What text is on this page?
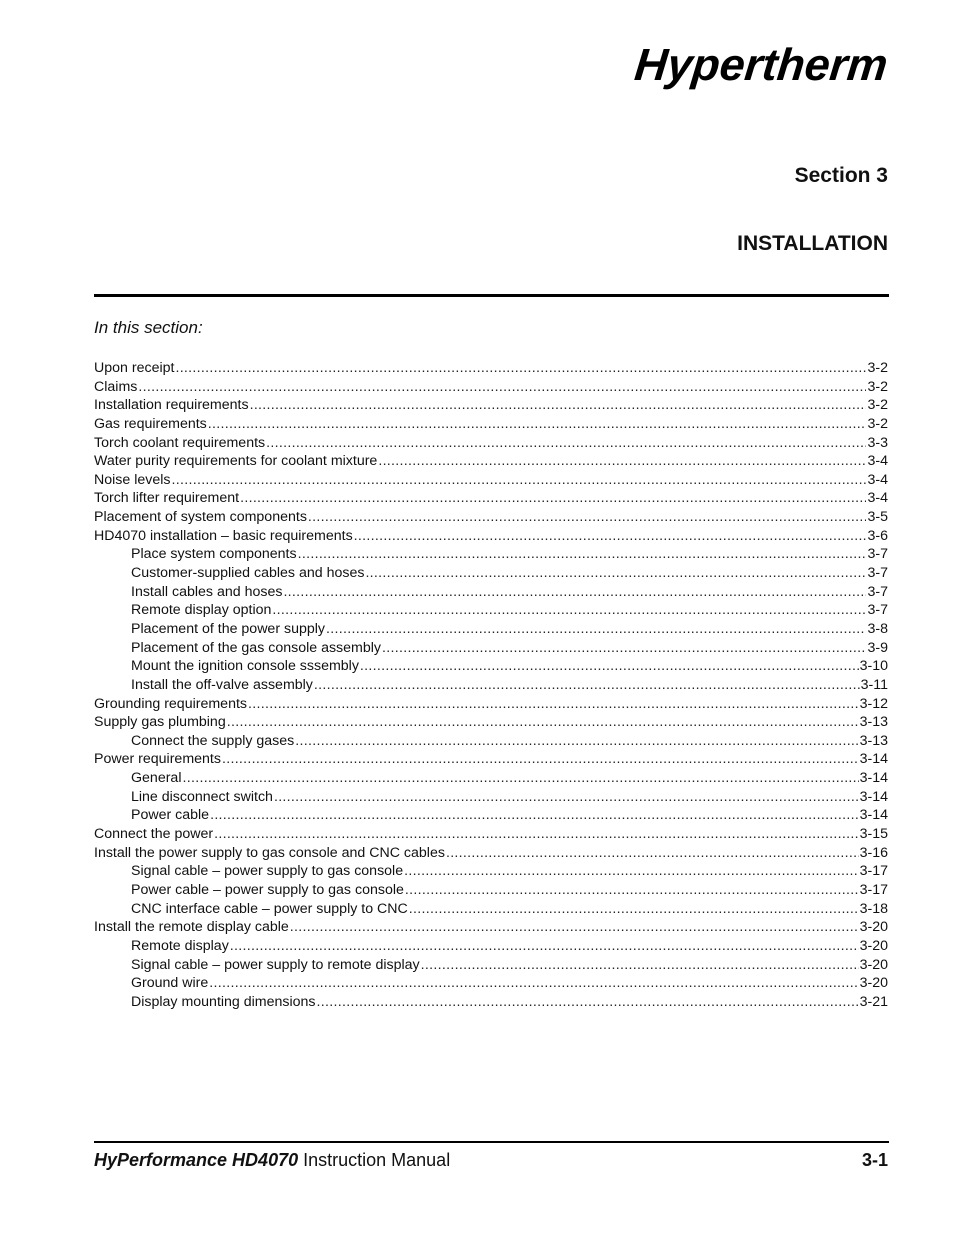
Hypertherm
Section 3
INSTALLATION
In this section:
Upon receipt .....	3-2
Claims .....	3-2
Installation requirements .....	3-2
Gas requirements .....	3-2
Torch coolant requirements .....	3-3
Water purity requirements for coolant mixture .....	3-4
Noise levels .....	3-4
Torch lifter requirement .....	3-4
Placement of system components .....	3-5
HD4070 installation – basic requirements .....	3-6
Place system components .....	3-7
Customer-supplied cables and hoses .....	3-7
Install cables and hoses .....	3-7
Remote display option .....	3-7
Placement of the power supply .....	3-8
Placement of the gas console assembly .....	3-9
Mount the ignition console sssembly .....	3-10
Install the off-valve assembly .....	3-11
Grounding requirements .....	3-12
Supply gas plumbing .....	3-13
Connect the supply gases .....	3-13
Power requirements .....	3-14
General .....	3-14
Line disconnect switch .....	3-14
Power cable .....	3-14
Connect the power .....	3-15
Install the power supply to gas console and CNC cables .....	3-16
Signal cable – power supply to gas console .....	3-17
Power cable – power supply to gas console .....	3-17
CNC interface cable – power supply to CNC .....	3-18
Install the remote display cable .....	3-20
Remote display .....	3-20
Signal cable – power supply to remote display .....	3-20
Ground wire .....	3-20
Display mounting dimensions .....	3-21
HyPerformance HD4070 Instruction Manual	3-1
